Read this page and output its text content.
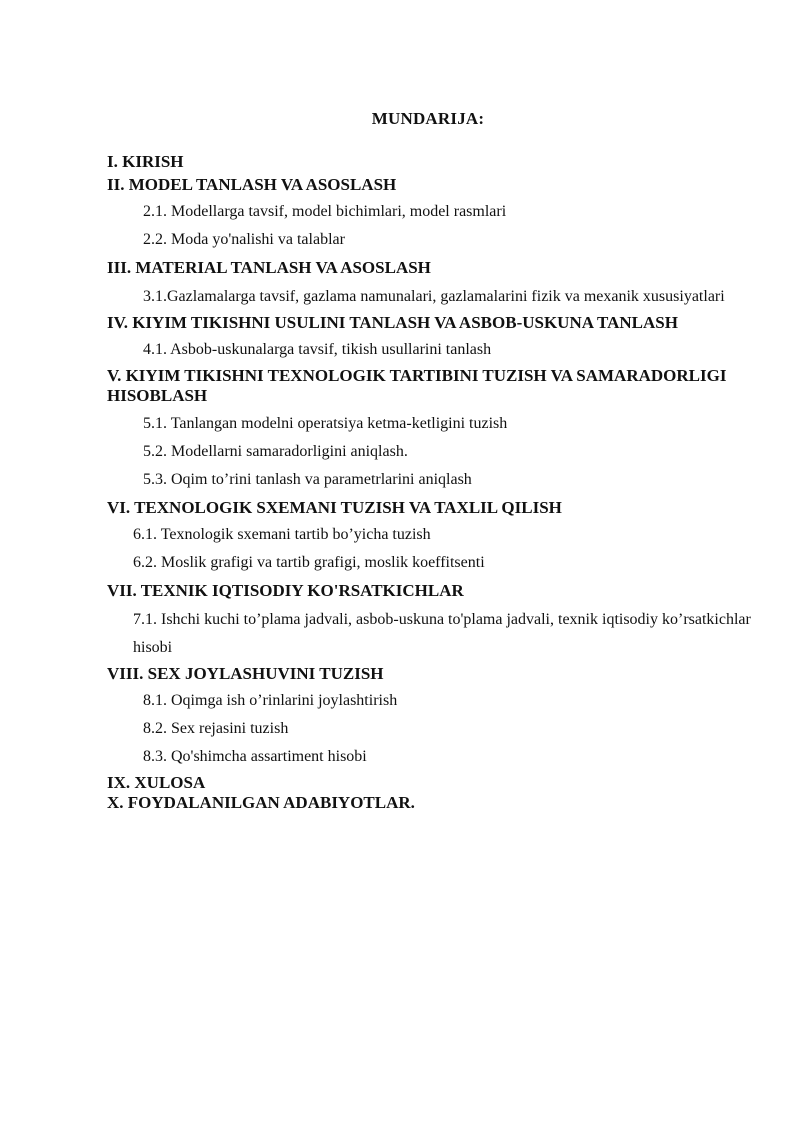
MUNDARIJA:
I. KIRISH
II. MODEL TANLASH VA ASOSLASH
2.1. Modellarga tavsif, model bichimlari, model rasmlari
2.2. Moda yo'nalishi va talablar
III. MATERIAL TANLASH VA ASOSLASH
3.1.Gazlamalarga tavsif, gazlama namunalari, gazlamalarini fizik va mexanik xususiyatlari
IV. KIYIM TIKISHNI USULINI TANLASH VA ASBOB-USKUNA TANLASH
4.1. Asbob-uskunalarga tavsif, tikish usullarini tanlash
V. KIYIM TIKISHNI TEXNOLOGIK TARTIBINI TUZISH VA SAMARADORLIGI HISOBLASH
5.1. Tanlangan modelni operatsiya ketma-ketligini tuzish
5.2. Modellarni samaradorligini aniqlash.
5.3. Oqim to’rini tanlash va parametrlarini aniqlash
VI. TEXNOLOGIK SXEMANI TUZISH VA TAXLIL QILISH
6.1. Texnologik sxemani tartib bo’yicha tuzish
6.2. Moslik grafigi va tartib grafigi, moslik koeffitsenti
VII. TEXNIK IQTISODIY KO'RSATKICHLAR
7.1. Ishchi kuchi to’plama jadvali, asbob-uskuna to'plama jadvali, texnik iqtisodiy ko’rsatkichlar hisobi
VIII. SEX JOYLASHUVINI TUZISH
8.1. Oqimga ish o’rinlarini joylashtirish
8.2. Sex rejasini tuzish
8.3. Qo'shimcha assartiment hisobi
IX. XULOSA
X. FOYDALANILGAN ADABIYOTLAR.
